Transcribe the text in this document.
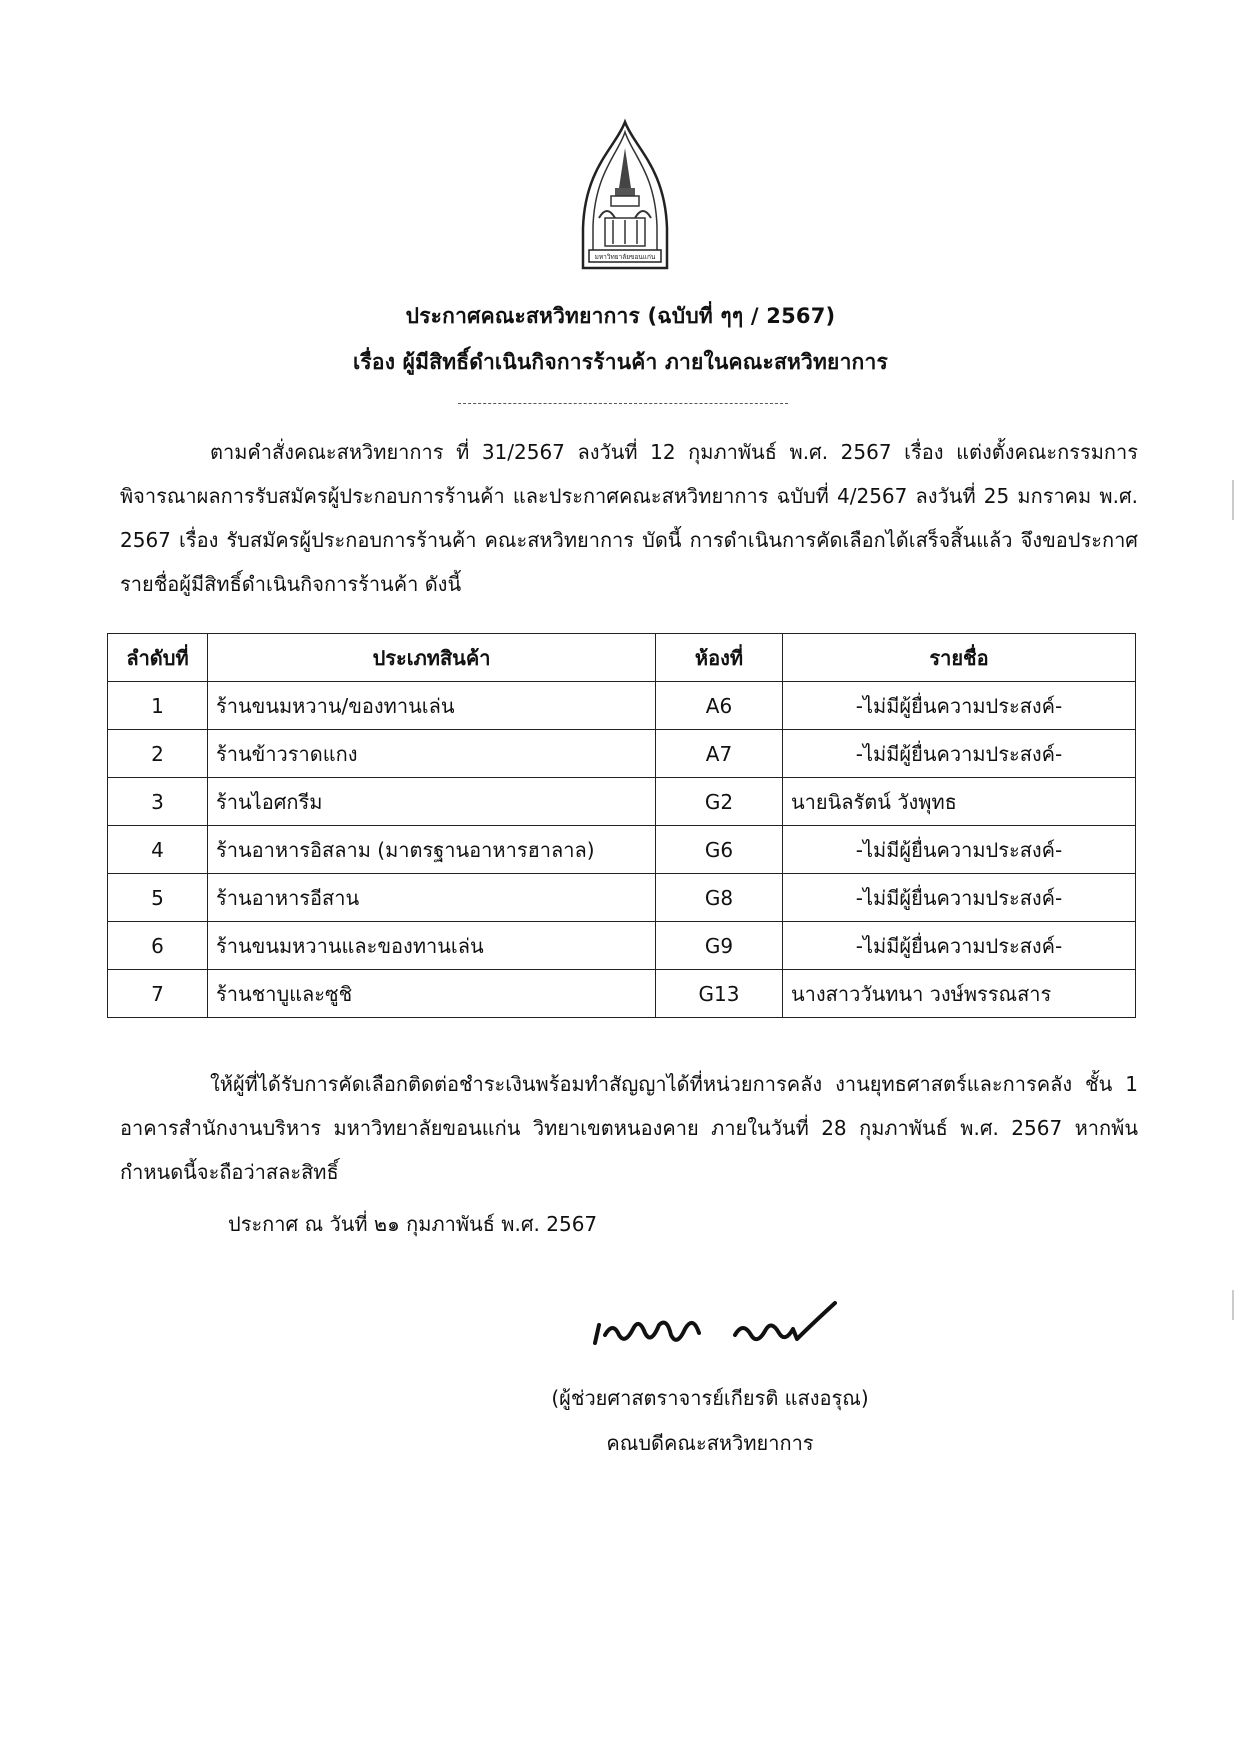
มหาวิทยาลัยขอนแก่น
ประกาศคณะสหวิทยาการ (ฉบับที่ ๆๆ / 2567)
เรื่อง ผู้มีสิทธิ์ดำเนินกิจการร้านค้า ภายในคณะสหวิทยาการ
ตามคำสั่งคณะสหวิทยาการ ที่ 31/2567 ลงวันที่ 12 กุมภาพันธ์ พ.ศ. 2567 เรื่อง แต่งตั้งคณะกรรมการพิจารณาผลการรับสมัครผู้ประกอบการร้านค้า และประกาศคณะสหวิทยาการ ฉบับที่ 4/2567 ลงวันที่ 25 มกราคม พ.ศ. 2567 เรื่อง รับสมัครผู้ประกอบการร้านค้า คณะสหวิทยาการ บัดนี้ การดำเนินการคัดเลือกได้เสร็จสิ้นแล้ว จึงขอประกาศรายชื่อผู้มีสิทธิ์ดำเนินกิจการร้านค้า ดังนี้
ลำดับที่	ประเภทสินค้า	ห้องที่	รายชื่อ
1	ร้านขนมหวาน/ของทานเล่น	A6	-ไม่มีผู้ยื่นความประสงค์-
2	ร้านข้าวราดแกง	A7	-ไม่มีผู้ยื่นความประสงค์-
3	ร้านไอศกรีม	G2	นายนิลรัตน์ วังพุทธ
4	ร้านอาหารอิสลาม (มาตรฐานอาหารฮาลาล)	G6	-ไม่มีผู้ยื่นความประสงค์-
5	ร้านอาหารอีสาน	G8	-ไม่มีผู้ยื่นความประสงค์-
6	ร้านขนมหวานและของทานเล่น	G9	-ไม่มีผู้ยื่นความประสงค์-
7	ร้านชาบูและซูชิ	G13	นางสาววันทนา วงษ์พรรณสาร
ให้ผู้ที่ได้รับการคัดเลือกติดต่อชำระเงินพร้อมทำสัญญาได้ที่หน่วยการคลัง งานยุทธศาสตร์และการคลัง ชั้น 1 อาคารสำนักงานบริหาร มหาวิทยาลัยขอนแก่น วิทยาเขตหนองคาย ภายในวันที่ 28 กุมภาพันธ์ พ.ศ. 2567 หากพ้นกำหนดนี้จะถือว่าสละสิทธิ์
ประกาศ ณ วันที่ ๒๑ กุมภาพันธ์ พ.ศ. 2567
(ผู้ช่วยศาสตราจารย์เกียรติ แสงอรุณ)
คณบดีคณะสหวิทยาการ
